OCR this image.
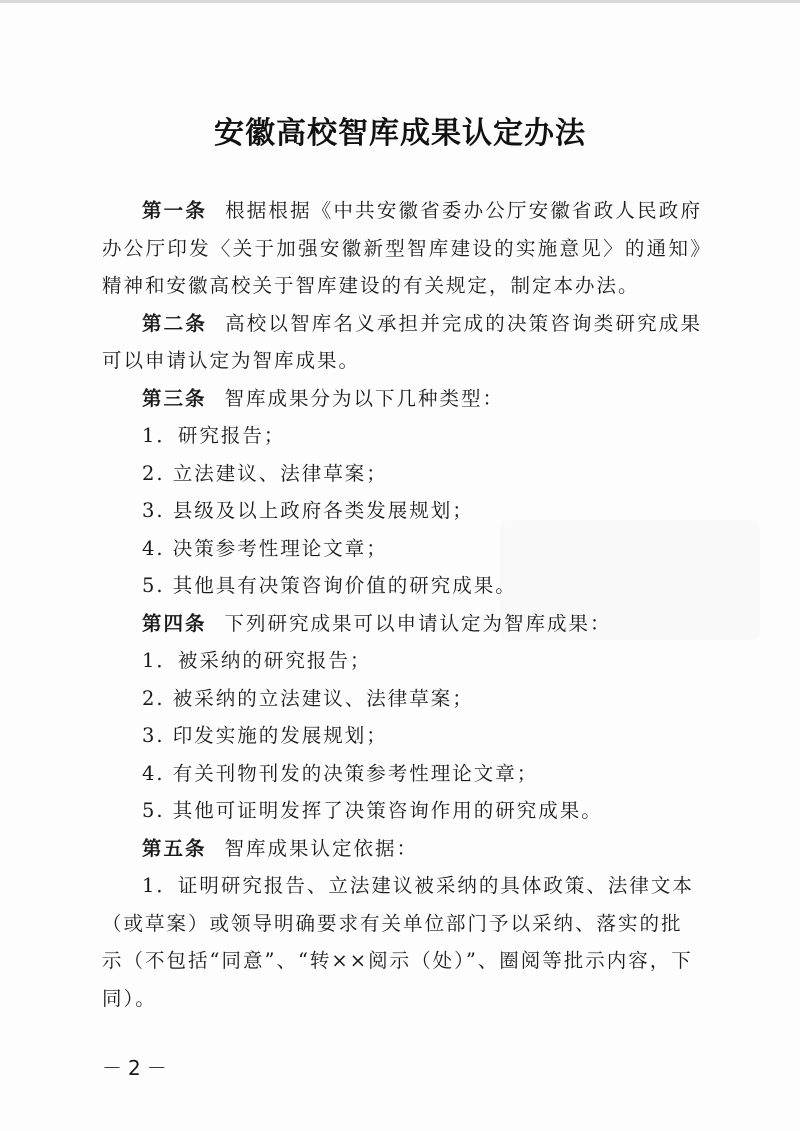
安徽高校智库成果认定办法

第一条 根据根据《中共安徽省委办公厅安徽省政人民政府办公厅印发〈关于加强安徽新型智库建设的实施意见〉的通知》精神和安徽高校关于智库建设的有关规定，制定本办法。

第二条 高校以智库名义承担并完成的决策咨询类研究成果可以申请认定为智库成果。

第三条 智库成果分为以下几种类型：

1．研究报告；

2. 立法建议、法律草案；

3. 县级及以上政府各类发展规划；

4. 决策参考性理论文章；

5. 其他具有决策咨询价值的研究成果。

第四条 下列研究成果可以申请认定为智库成果：

1．被采纳的研究报告；

2. 被采纳的立法建议、法律草案；

3. 印发实施的发展规划；

4. 有关刊物刊发的决策参考性理论文章；

5. 其他可证明发挥了决策咨询作用的研究成果。

第五条 智库成果认定依据：

1．证明研究报告、立法建议被采纳的具体政策、法律文本（或草案）或领导明确要求有关单位部门予以采纳、落实的批示（不包括“同意”、“转××阅示（处）”、圈阅等批示内容，下同）。

－2－
